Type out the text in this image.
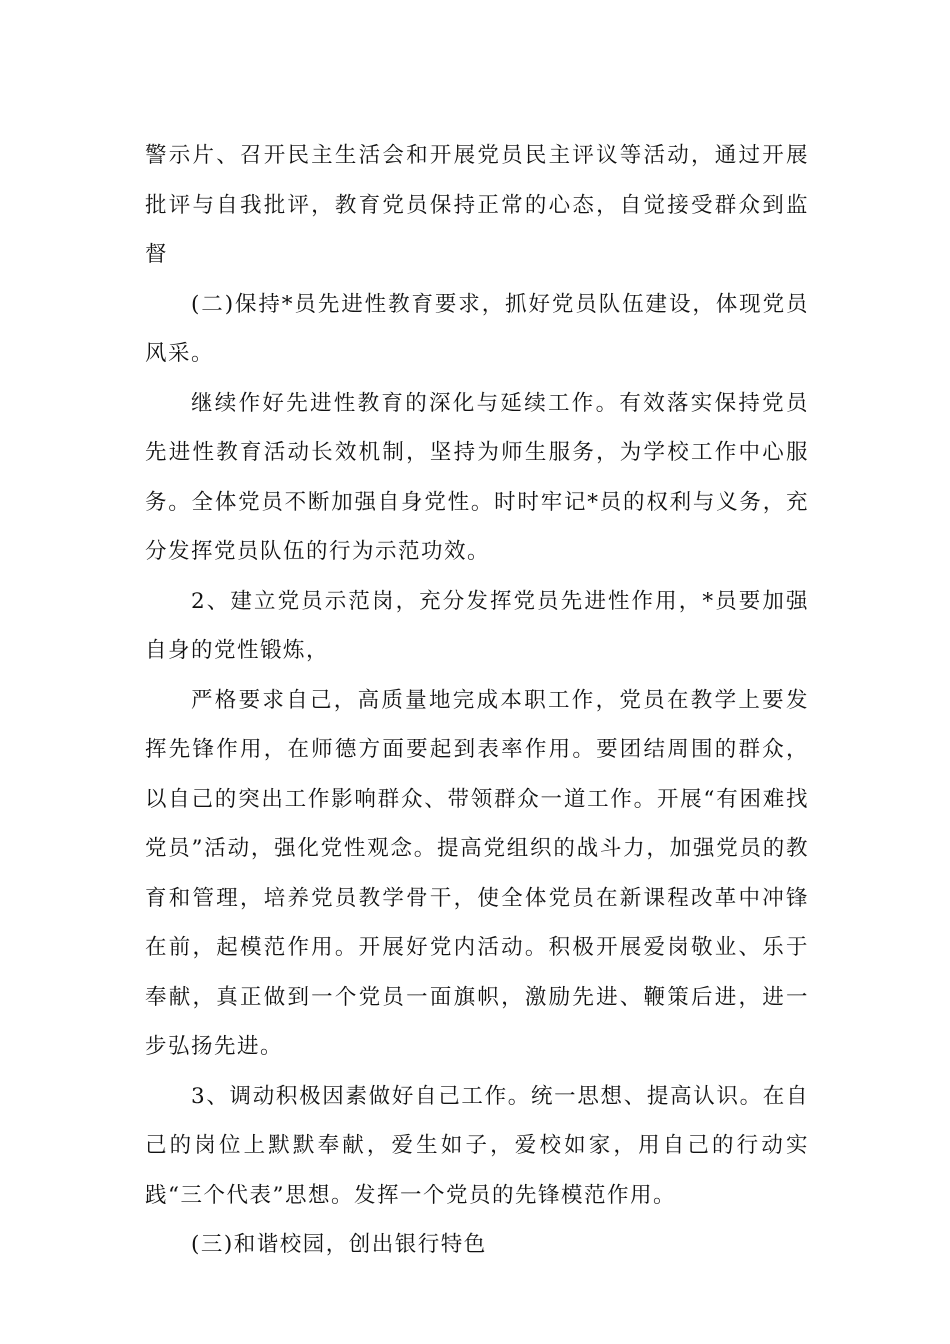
警示片、召开民主生活会和开展党员民主评议等活动，通过开展批评与自我批评，教育党员保持正常的心态，自觉接受群众到监督

(二)保持*员先进性教育要求，抓好党员队伍建设，体现党员风采。

继续作好先进性教育的深化与延续工作。有效落实保持党员先进性教育活动长效机制，坚持为师生服务，为学校工作中心服务。全体党员不断加强自身党性。时时牢记*员的权利与义务，充分发挥党员队伍的行为示范功效。

2、建立党员示范岗，充分发挥党员先进性作用，*员要加强自身的党性锻炼，

严格要求自己，高质量地完成本职工作，党员在教学上要发挥先锋作用，在师德方面要起到表率作用。要团结周围的群众，以自己的突出工作影响群众、带领群众一道工作。开展“有困难找党员”活动，强化党性观念。提高党组织的战斗力，加强党员的教育和管理，培养党员教学骨干，使全体党员在新课程改革中冲锋在前，起模范作用。开展好党内活动。积极开展爱岗敬业、乐于奉献，真正做到一个党员一面旗帜，激励先进、鞭策后进，进一步弘扬先进。

3、调动积极因素做好自己工作。统一思想、提高认识。在自己的岗位上默默奉献，爱生如子，爱校如家，用自己的行动实践“三个代表”思想。发挥一个党员的先锋模范作用。

(三)和谐校园，创出银行特色
